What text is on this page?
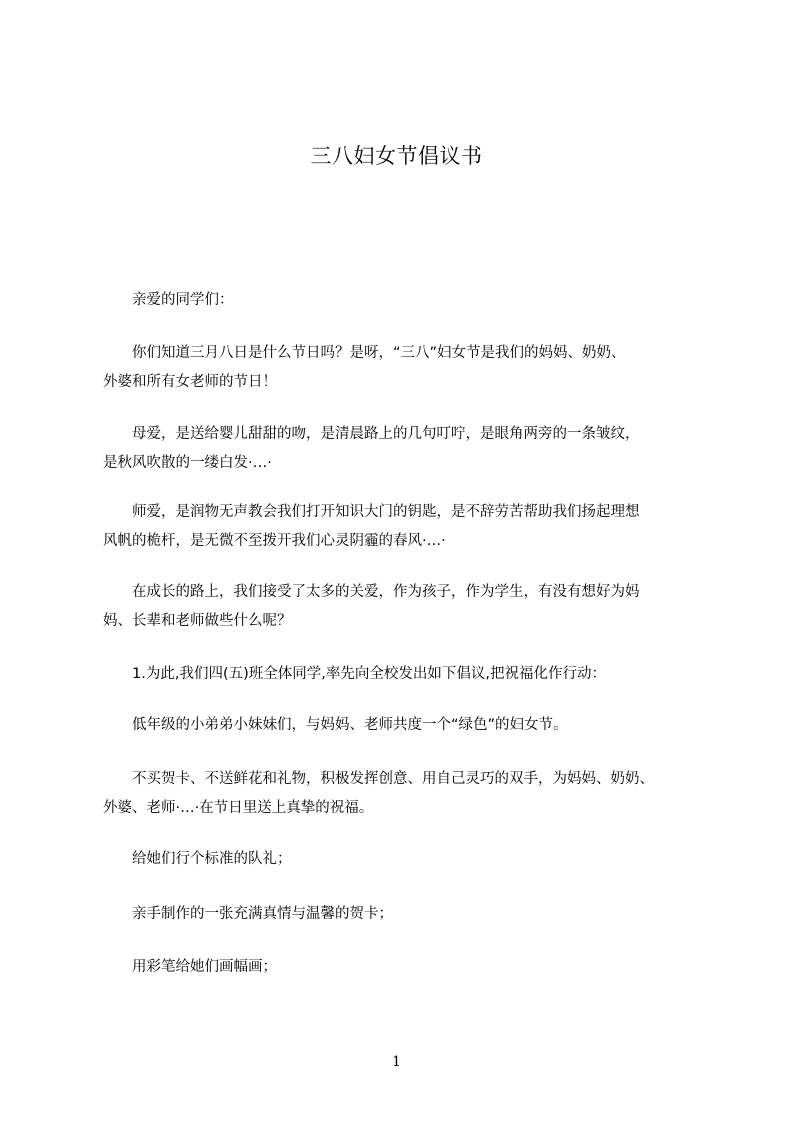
三八妇女节倡议书
　　亲爱的同学们：
　　你们知道三月八日是什么节日吗？是呀，“三八”妇女节是我们的妈妈、奶奶、
外婆和所有女老师的节日！
　　母爱，是送给婴儿甜甜的吻，是清晨路上的几句叮咛，是眼角两旁的一条皱纹，
是秋风吹散的一缕白发·…·
　　师爱，是润物无声教会我们打开知识大门的钥匙，是不辞劳苦帮助我们扬起理想
风帆的桅杆，是无微不至拨开我们心灵阴霾的春风·…·
　　在成长的路上，我们接受了太多的关爱，作为孩子，作为学生，有没有想好为妈
妈、长辈和老师做些什么呢？
　　1.为此,我们四(五)班全体同学,率先向全校发出如下倡议,把祝福化作行动：
　　低年级的小弟弟小妹妹们，与妈妈、老师共度一个“绿色”的妇女节。
　　不买贺卡、不送鲜花和礼物，积极发挥创意、用自己灵巧的双手，为妈妈、奶奶、
外婆、老师·…·在节日里送上真挚的祝福。
　　给她们行个标准的队礼；
　　亲手制作的一张充满真情与温馨的贺卡；
　　用彩笔给她们画幅画；
1
